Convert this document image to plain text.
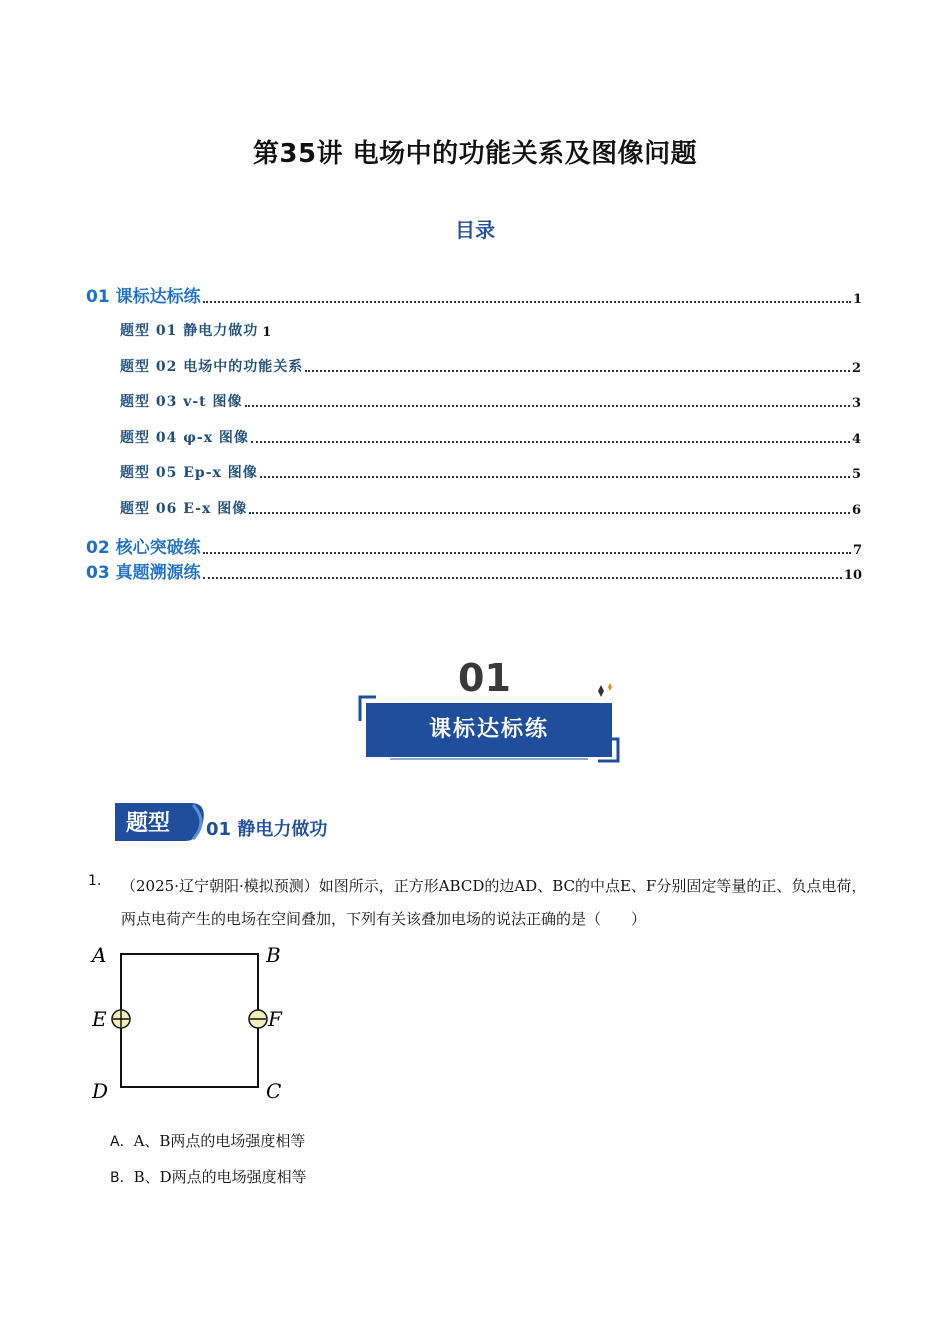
第35讲 电场中的功能关系及图像问题
目录
01 课标达标练	1
题型 01 静电力做功 1
题型 02 电场中的功能关系	2
题型 03 v-t 图像	3
题型 04 φ-x 图像	4
题型 05 Ep-x 图像	5
题型 06 E-x 图像	6
02 核心突破练	7
03 真题溯源练	10
01
课标达标练
题型 01 静电力做功
1. （2025·辽宁朝阳·模拟预测）如图所示，正方形ABCD的边AD、BC的中点E、F分别固定等量的正、负点电荷，两点电荷产生的电场在空间叠加，下列有关该叠加电场的说法正确的是（　　）
A	B
E	F
D	C
A．A、B两点的电场强度相等
B．B、D两点的电场强度相等
